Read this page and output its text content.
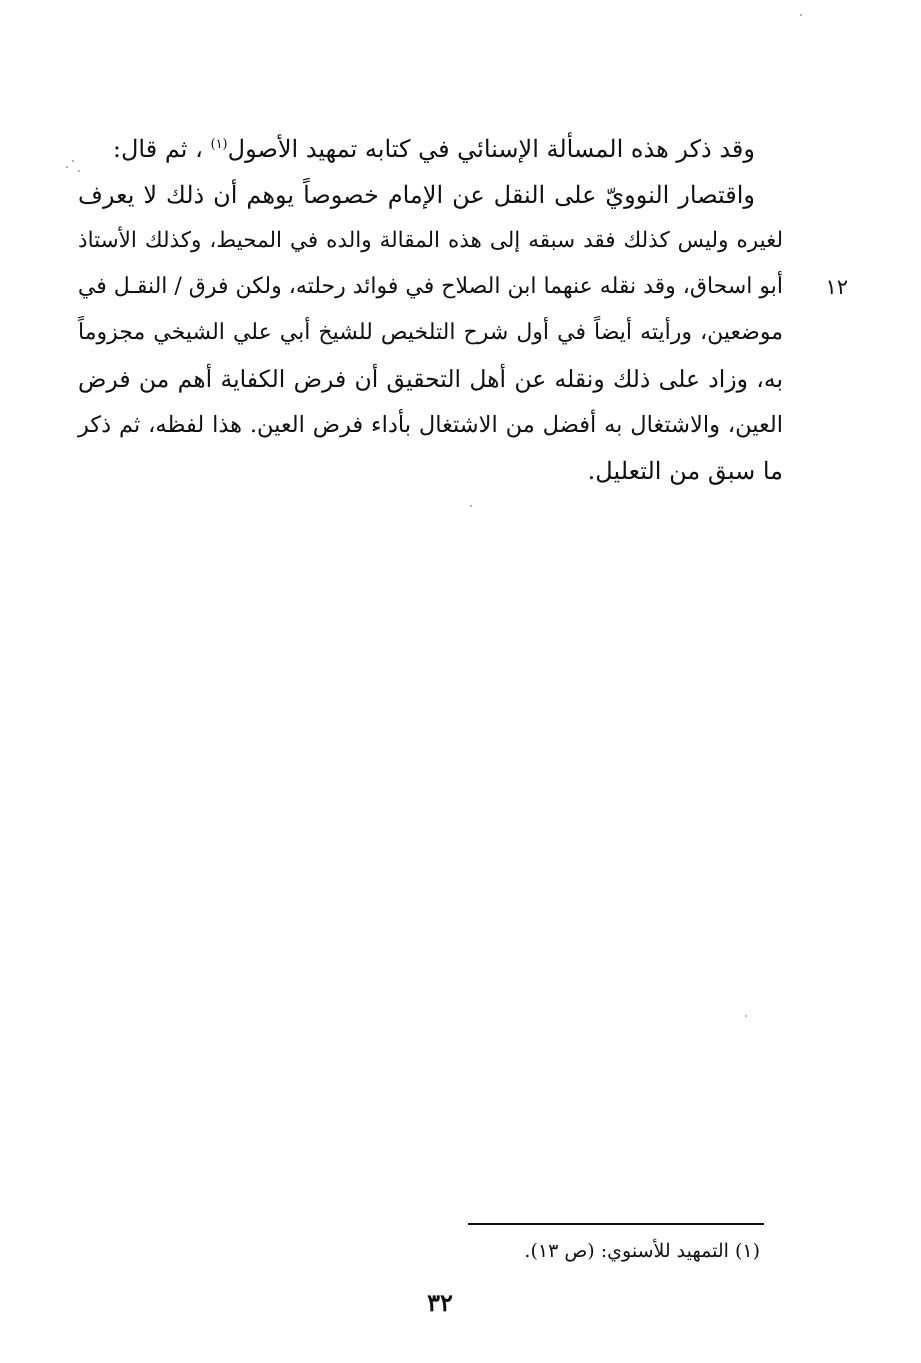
وقد ذكر هذه المسألة الإسنائي في كتابه تمهيد الأصول$^{(١)}$ ، ثم قال:
واقتصار النوويّ على النقل عن الإمام خصوصاً يوهم أن ذلك لا يعرف
لغيره وليس كذلك فقد سبقه إلى هذه المقالة والده في المحيط، وكذلك الأستاذ
أبو اسحاق، وقد نقله عنهما ابن الصلاح في فوائد رحلته، ولكن فرق / النقـل في
موضعين، ورأيته أيضاً في أول شرح التلخيص للشيخ أبي علي الشيخي مجزوماً
به، وزاد على ذلك ونقله عن أهل التحقيق أن فرض الكفاية أهم من فرض
العين، والاشتغال به أفضل من الاشتغال بأداء فرض العين. هذا لفظه، ثم ذكر
ما سبق من التعليل.
١٢
(١) التمهيد للأسنوي: (ص ١٣).
٣٢
